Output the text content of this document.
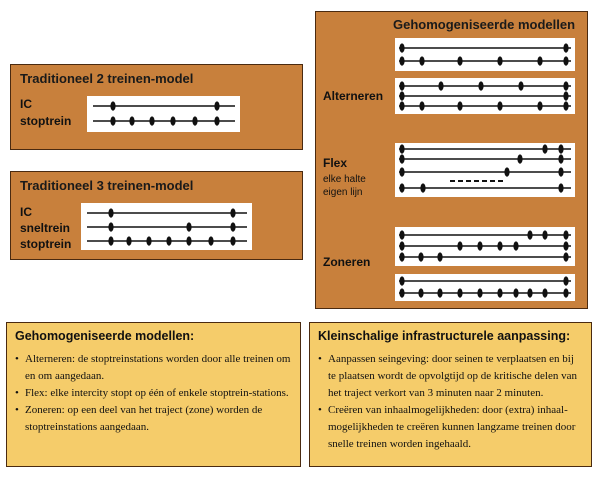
Traditioneel 2 treinen-model
IC
stoptrein
Traditioneel 3 treinen-model
IC
sneltrein
stoptrein
Gehomogeniseerde modellen
Alterneren
Flex
elke halte
eigen lijn
Zoneren
Gehomogeniseerde modellen:
• Alterneren: de stoptreinstations worden door alle treinen om en om aangedaan.
• Flex: elke intercity stopt op één of enkele stoptrein-stations.
• Zoneren: op een deel van het traject (zone) worden de stoptreinstations aangedaan.
Kleinschalige infrastructurele aanpassing:
• Aanpassen seingeving: door seinen te verplaatsen en bij te plaatsen wordt de opvolgtijd op de kritische delen van het traject verkort van 3 minuten naar 2 minuten.
• Creëren van inhaalmogelijkheden: door (extra) inhaal-mogelijkheden te creëren kunnen langzame treinen door snelle treinen worden ingehaald.
